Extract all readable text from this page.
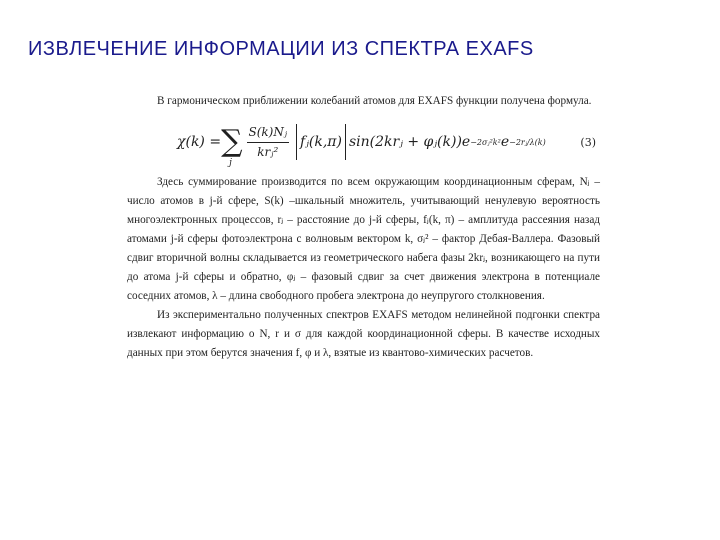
ИЗВЛЕЧЕНИЕ ИНФОРМАЦИИ ИЗ СПЕКТРА EXAFS

В гармоническом приближении колебаний атомов для EXAFS функции получена формула.

χ(k) = ∑
j
$\frac{\text{S(k)Nⱼ}}{\text{krⱼ²}}$ fⱼ(k,π) sin(2krⱼ + φⱼ(k))e −2σⱼ²k² e −2rⱼ/λ(k)	(3)

Здесь суммирование производится по всем окружающим координационным сферам, Nⱼ – число атомов в j-й сфере, S(k) –шкальный множитель, учитывающий ненулевую вероятность многоэлектронных процессов, rⱼ – расстояние до j-й сферы, fⱼ(k, π) – амплитуда рассеяния назад атомами j-й сферы фотоэлектрона с волновым вектором k, σⱼ² – фактор Дебая-Валлера. Фазовый сдвиг вторичной волны складывается из геометрического набега фазы 2krⱼ, возникающего на пути до атома j-й сферы и обратно, φⱼ – фазовый сдвиг за счет движения электрона в потенциале соседних атомов, λ – длина свободного пробега электрона до неупругого столкновения.

Из экспериментально полученных спектров EXAFS методом нелинейной подгонки спектра извлекают информацию о N, r и σ для каждой координационной сферы. В качестве исходных данных при этом берутся значения f, φ и λ, взятые из квантово-химических расчетов.
